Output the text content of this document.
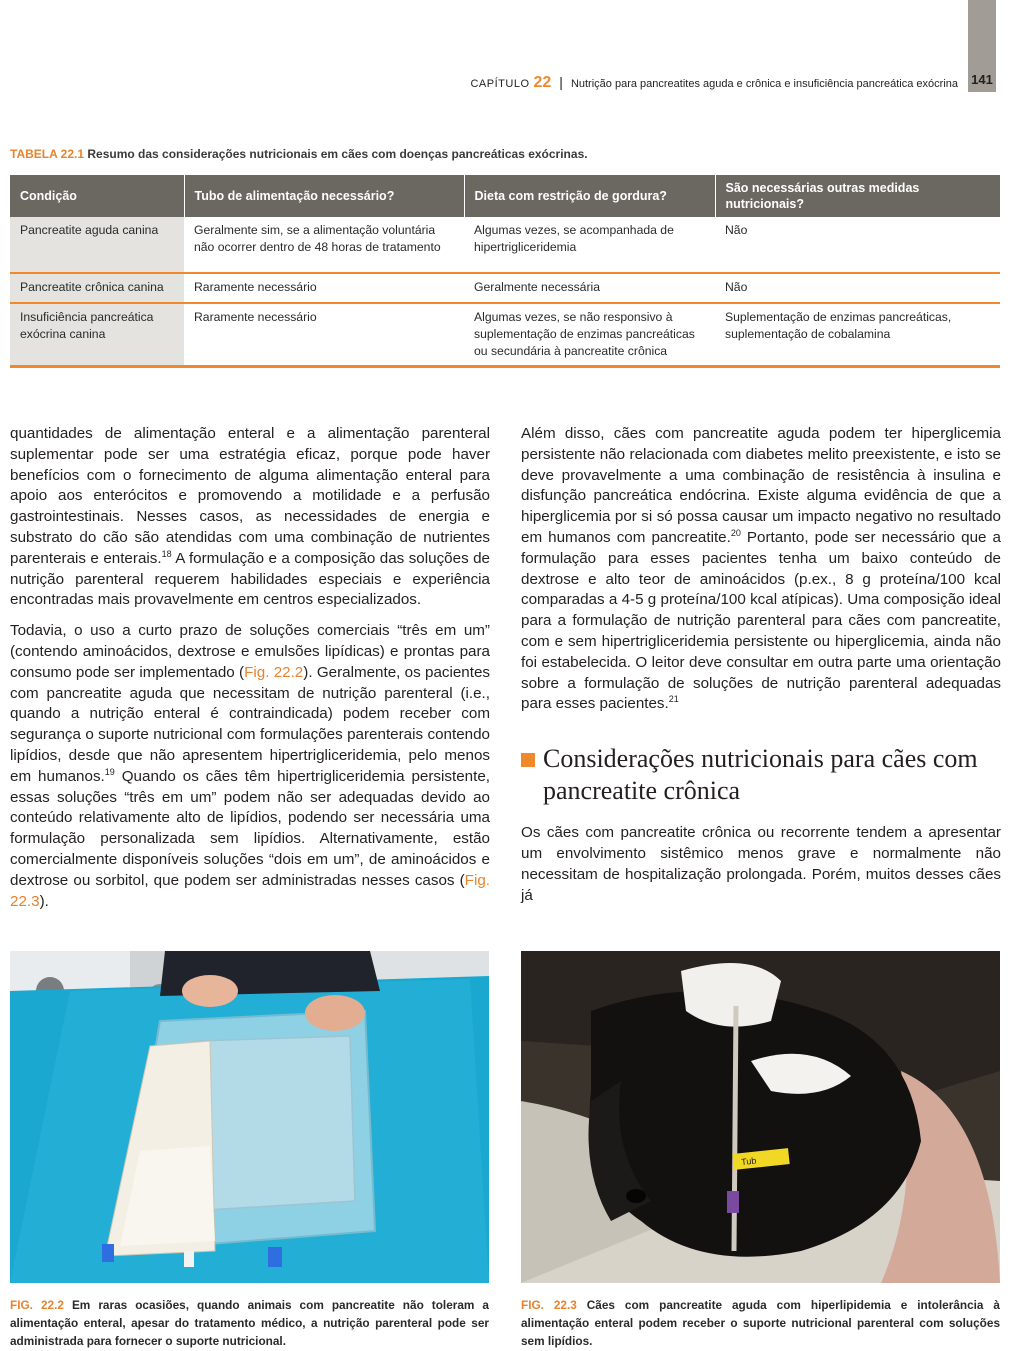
141
CAPÍTULO 22 | Nutrição para pancreatites aguda e crônica e insuficiência pancreática exócrina
TABELA 22.1 Resumo das considerações nutricionais em cães com doenças pancreáticas exócrinas.
Condição	Tubo de alimentação necessário?	Dieta com restrição de gordura?	São necessárias outras medidas nutricionais?
Pancreatite aguda canina	Geralmente sim, se a alimentação voluntária não ocorrer dentro de 48 horas de tratamento	Algumas vezes, se acompanhada de hipertrigliceridemia	Não
Pancreatite crônica canina	Raramente necessário	Geralmente necessária	Não
Insuficiência pancreática exócrina canina	Raramente necessário	Algumas vezes, se não responsivo à suplementação de enzimas pancreáticas ou secundária à pancreatite crônica	Suplementação de enzimas pancreáticas, suplementação de cobalamina

quantidades de alimentação enteral e a alimentação parenteral suplementar pode ser uma estratégia eficaz, porque pode haver benefícios com o fornecimento de alguma alimentação enteral para apoio aos enterócitos e promovendo a motilidade e a perfusão gastrointestinais. Nesses casos, as necessidades de energia e substrato do cão são atendidas com uma combinação de nutrientes parenterais e enterais.$^{18}$ A formulação e a composição das soluções de nutrição parenteral requerem habilidades especiais e experiência encontradas mais provavelmente em centros especializados.

Todavia, o uso a curto prazo de soluções comerciais “três em um” (contendo aminoácidos, dextrose e emulsões lipídicas) e prontas para consumo pode ser implementado (Fig. 22.2). Geralmente, os pacientes com pancreatite aguda que necessitam de nutrição parenteral (i.e., quando a nutrição enteral é contraindicada) podem receber com segurança o suporte nutricional com formulações parenterais contendo lipídios, desde que não apresentem hipertrigliceridemia, pelo menos em humanos.$^{19}$ Quando os cães têm hipertrigliceridemia persistente, essas soluções “três em um” podem não ser adequadas devido ao conteúdo relativamente alto de lipídios, podendo ser necessária uma formulação personalizada sem lipídios. Alternativamente, estão comercialmente disponíveis soluções “dois em um”, de aminoácidos e dextrose ou sorbitol, que podem ser administradas nesses casos (Fig. 22.3).

Além disso, cães com pancreatite aguda podem ter hiperglicemia persistente não relacionada com diabetes melito preexistente, e isto se deve provavelmente a uma combinação de resistência à insulina e disfunção pancreática endócrina. Existe alguma evidência de que a hiperglicemia por si só possa causar um impacto negativo no resultado em humanos com pancreatite.$^{20}$ Portanto, pode ser necessário que a formulação para esses pacientes tenha um baixo conteúdo de dextrose e alto teor de aminoácidos (p.ex., 8 g proteína/100 kcal comparadas a 4-5 g proteína/100 kcal atípicas). Uma composição ideal para a formulação de nutrição parenteral para cães com pancreatite, com e sem hipertrigliceridemia persistente ou hiperglicemia, ainda não foi estabelecida. O leitor deve consultar em outra parte uma orientação sobre a formulação de soluções de nutrição parenteral adequadas para esses pacientes.$^{21}$

Considerações nutricionais para cães com pancreatite crônica

Os cães com pancreatite crônica ou recorrente tendem a apresentar um envolvimento sistêmico menos grave e normalmente não necessitam de hospitalização prolongada. Porém, muitos desses cães já

Tub
FIG. 22.2 Em raras ocasiões, quando animais com pancreatite não toleram a alimentação enteral, apesar do tratamento médico, a nutrição parenteral pode ser administrada para fornecer o suporte nutricional.
FIG. 22.3 Cães com pancreatite aguda com hiperlipidemia e intolerância à alimentação enteral podem receber o suporte nutricional parenteral com soluções sem lipídios.
